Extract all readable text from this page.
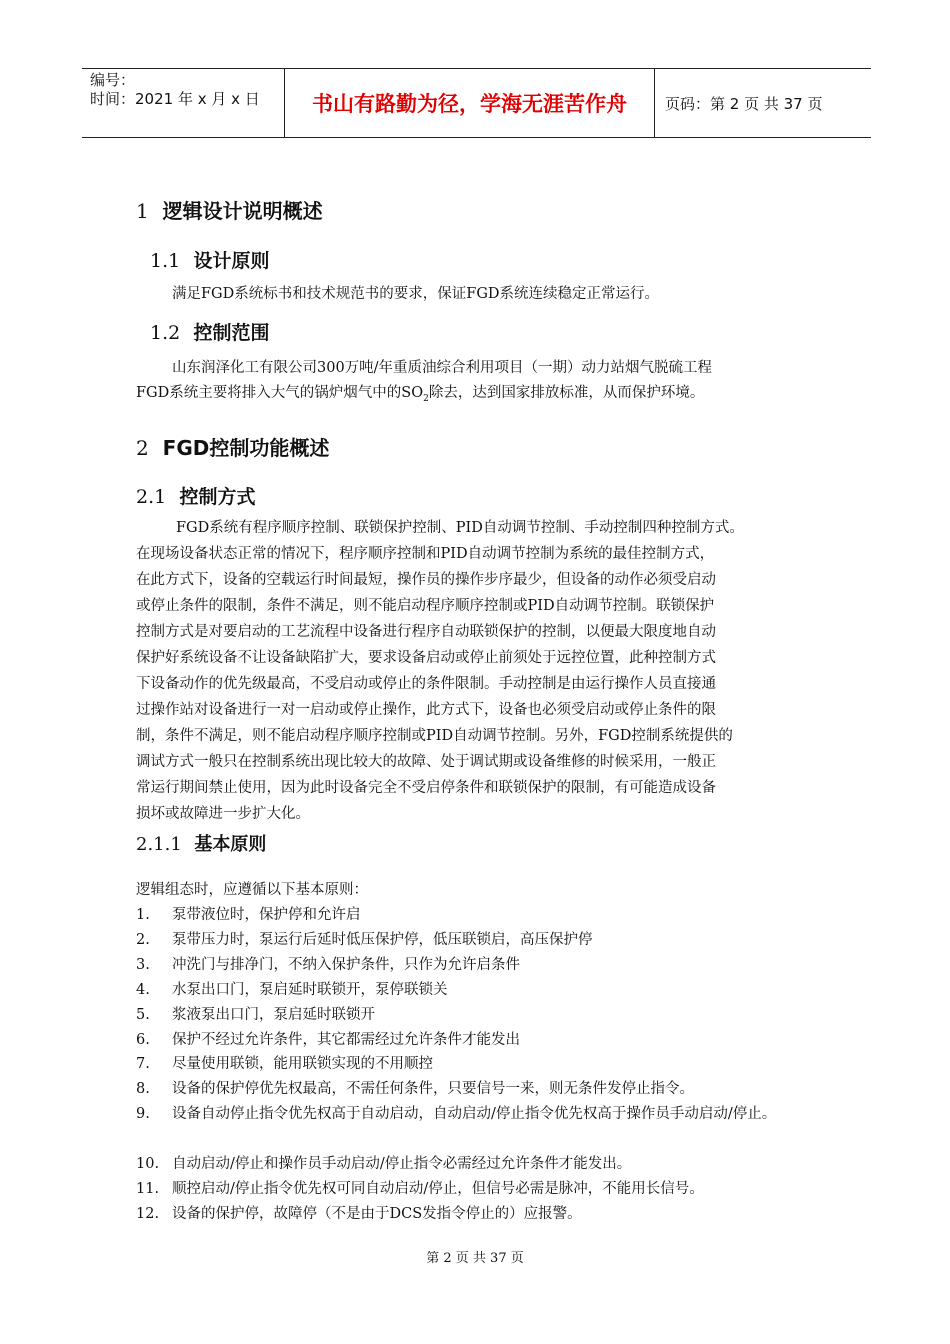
编号：
时间：2021 年 x 月 x 日	书山有路勤为径，学海无涯苦作舟	页码：第 2 页 共 37 页
1 逻辑设计说明概述
1.1 设计原则
满足FGD系统标书和技术规范书的要求，保证FGD系统连续稳定正常运行。
1.2 控制范围
山东润泽化工有限公司300万吨/年重质油综合利用项目（一期）动力站烟气脱硫工程
FGD系统主要将排入大气的锅炉烟气中的$SO_2$除去，达到国家排放标准，从而保护环境。
2 FGD控制功能概述
2.1 控制方式
FGD系统有程序顺序控制、联锁保护控制、PID自动调节控制、手动控制四种控制方式。
在现场设备状态正常的情况下，程序顺序控制和PID自动调节控制为系统的最佳控制方式，
在此方式下，设备的空载运行时间最短，操作员的操作步序最少，但设备的动作必须受启动
或停止条件的限制，条件不满足，则不能启动程序顺序控制或PID自动调节控制。联锁保护
控制方式是对要启动的工艺流程中设备进行程序自动联锁保护的控制，以便最大限度地自动
保护好系统设备不让设备缺陷扩大，要求设备启动或停止前须处于远控位置，此种控制方式
下设备动作的优先级最高，不受启动或停止的条件限制。手动控制是由运行操作人员直接通
过操作站对设备进行一对一启动或停止操作，此方式下，设备也必须受启动或停止条件的限
制，条件不满足，则不能启动程序顺序控制或PID自动调节控制。另外，FGD控制系统提供的
调试方式一般只在控制系统出现比较大的故障、处于调试期或设备维修的时候采用，一般正
常运行期间禁止使用，因为此时设备完全不受启停条件和联锁保护的限制，有可能造成设备
损坏或故障进一步扩大化。
2.1.1 基本原则
逻辑组态时，应遵循以下基本原则：
1. 泵带液位时，保护停和允许启
2. 泵带压力时，泵运行后延时低压保护停，低压联锁启，高压保护停
3. 冲洗门与排净门，不纳入保护条件，只作为允许启条件
4. 水泵出口门，泵启延时联锁开，泵停联锁关
5. 浆液泵出口门，泵启延时联锁开
6. 保护不经过允许条件，其它都需经过允许条件才能发出
7. 尽量使用联锁，能用联锁实现的不用顺控
8. 设备的保护停优先权最高，不需任何条件，只要信号一来，则无条件发停止指令。
9. 设备自动停止指令优先权高于自动启动，自动启动/停止指令优先权高于操作员手动启动/停止。
10. 自动启动/停止和操作员手动启动/停止指令必需经过允许条件才能发出。
11. 顺控启动/停止指令优先权可同自动启动/停止，但信号必需是脉冲，不能用长信号。
12. 设备的保护停，故障停（不是由于DCS发指令停止的）应报警。
第 2 页 共 37 页
